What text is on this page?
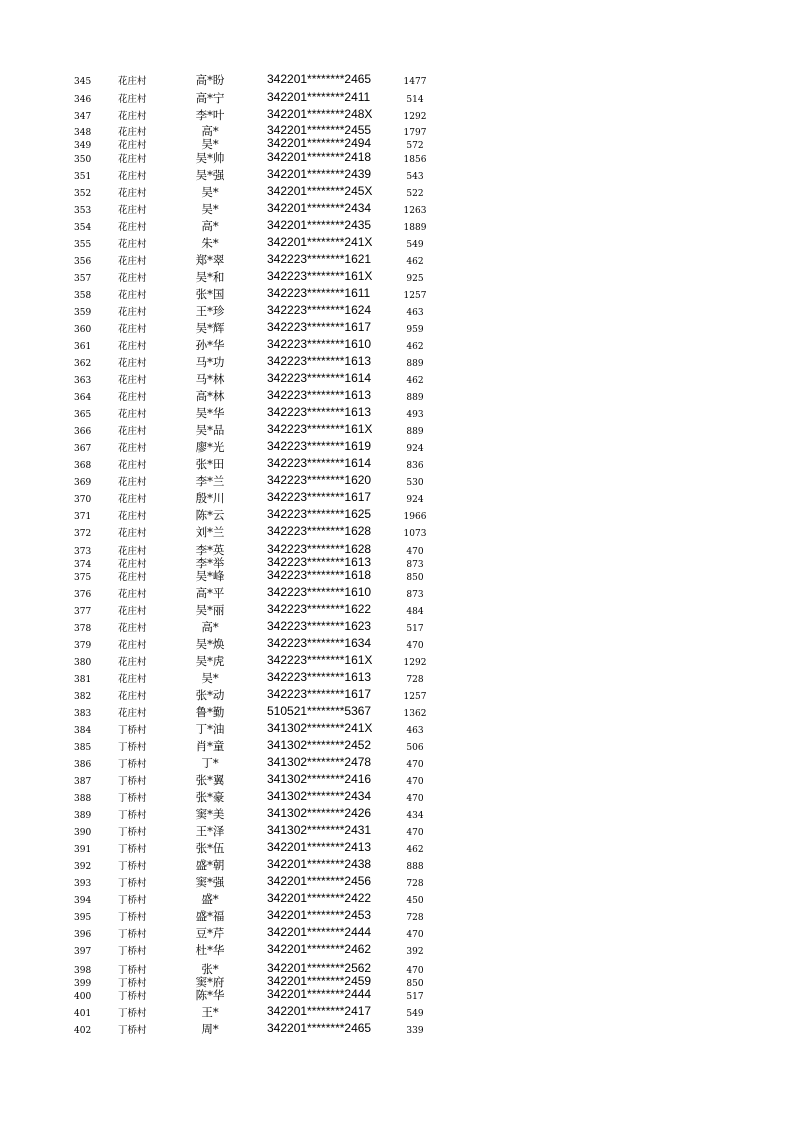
345	花庄村	高*盼	342201********2465	1477
346	花庄村	高*宁	342201********2411	514
347	花庄村	李*叶	342201********248X	1292
348	花庄村	高*	342201********2455	1797
349	花庄村	吴*	342201********2494	572
350	花庄村	吴*帅	342201********2418	1856
351	花庄村	吴*强	342201********2439	543
352	花庄村	吴*	342201********245X	522
353	花庄村	吴*	342201********2434	1263
354	花庄村	高*	342201********2435	1889
355	花庄村	朱*	342201********241X	549
356	花庄村	郑*翠	342223********1621	462
357	花庄村	吴*和	342223********161X	925
358	花庄村	张*国	342223********1611	1257
359	花庄村	王*珍	342223********1624	463
360	花庄村	吴*辉	342223********1617	959
361	花庄村	孙*华	342223********1610	462
362	花庄村	马*功	342223********1613	889
363	花庄村	马*林	342223********1614	462
364	花庄村	高*林	342223********1613	889
365	花庄村	吴*华	342223********1613	493
366	花庄村	吴*品	342223********161X	889
367	花庄村	廖*光	342223********1619	924
368	花庄村	张*田	342223********1614	836
369	花庄村	李*兰	342223********1620	530
370	花庄村	殷*川	342223********1617	924
371	花庄村	陈*云	342223********1625	1966
372	花庄村	刘*兰	342223********1628	1073
373	花庄村	李*英	342223********1628	470
374	花庄村	李*举	342223********1613	873
375	花庄村	吴*峰	342223********1618	850
376	花庄村	高*平	342223********1610	873
377	花庄村	吴*丽	342223********1622	484
378	花庄村	高*	342223********1623	517
379	花庄村	吴*焕	342223********1634	470
380	花庄村	吴*虎	342223********161X	1292
381	花庄村	吴*	342223********1613	728
382	花庄村	张*动	342223********1617	1257
383	花庄村	鲁*勤	510521********5367	1362
384	丁桥村	丁*油	341302********241X	463
385	丁桥村	肖*童	341302********2452	506
386	丁桥村	丁*	341302********2478	470
387	丁桥村	张*翼	341302********2416	470
388	丁桥村	张*豪	341302********2434	470
389	丁桥村	窦*美	341302********2426	434
390	丁桥村	王*泽	341302********2431	470
391	丁桥村	张*伍	342201********2413	462
392	丁桥村	盛*朝	342201********2438	888
393	丁桥村	窦*强	342201********2456	728
394	丁桥村	盛*	342201********2422	450
395	丁桥村	盛*福	342201********2453	728
396	丁桥村	豆*芹	342201********2444	470
397	丁桥村	杜*华	342201********2462	392
398	丁桥村	张*	342201********2562	470
399	丁桥村	窦*府	342201********2459	850
400	丁桥村	陈*华	342201********2444	517
401	丁桥村	王*	342201********2417	549
402	丁桥村	周*	342201********2465	339
